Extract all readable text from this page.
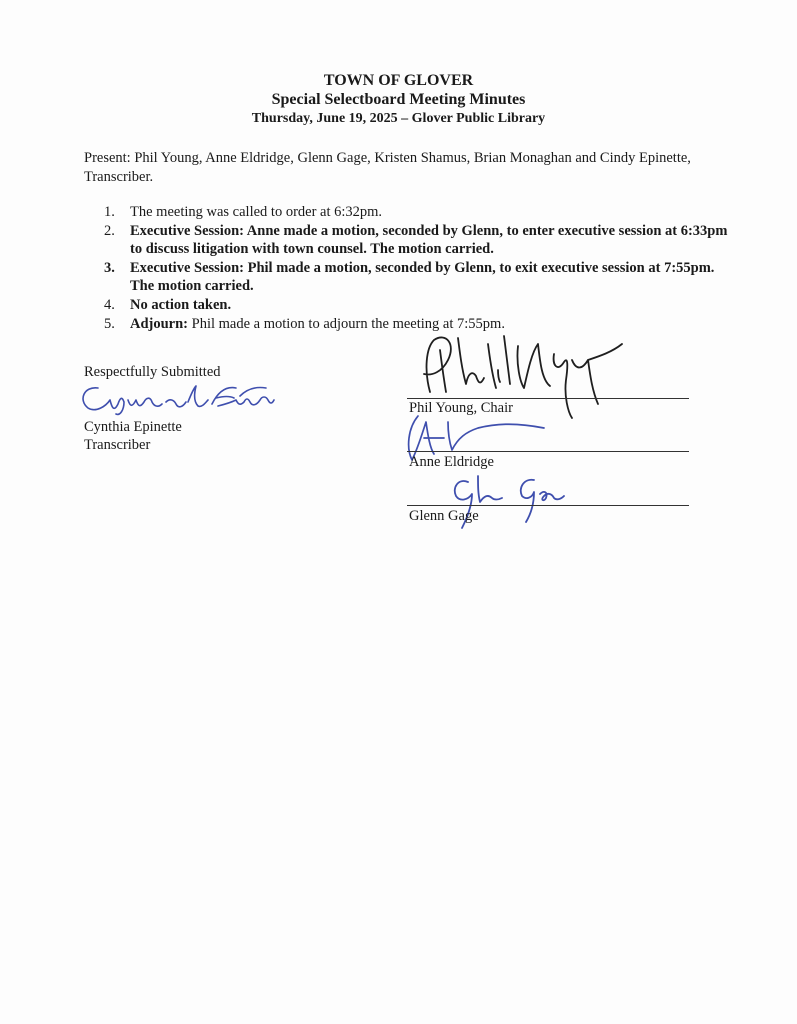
TOWN OF GLOVER
Special Selectboard Meeting Minutes
Thursday, June 19, 2025 – Glover Public Library
Present: Phil Young, Anne Eldridge, Glenn Gage, Kristen Shamus, Brian Monaghan and Cindy Epinette, Transcriber.
1. The meeting was called to order at 6:32pm.
2. Executive Session: Anne made a motion, seconded by Glenn, to enter executive session at 6:33pm to discuss litigation with town counsel. The motion carried.
3. Executive Session: Phil made a motion, seconded by Glenn, to exit executive session at 7:55pm. The motion carried.
4. No action taken.
5. Adjourn: Phil made a motion to adjourn the meeting at 7:55pm.
Respectfully Submitted
Cynthia Epinette
Transcriber
Phil Young, Chair
Anne Eldridge
Glenn Gage
